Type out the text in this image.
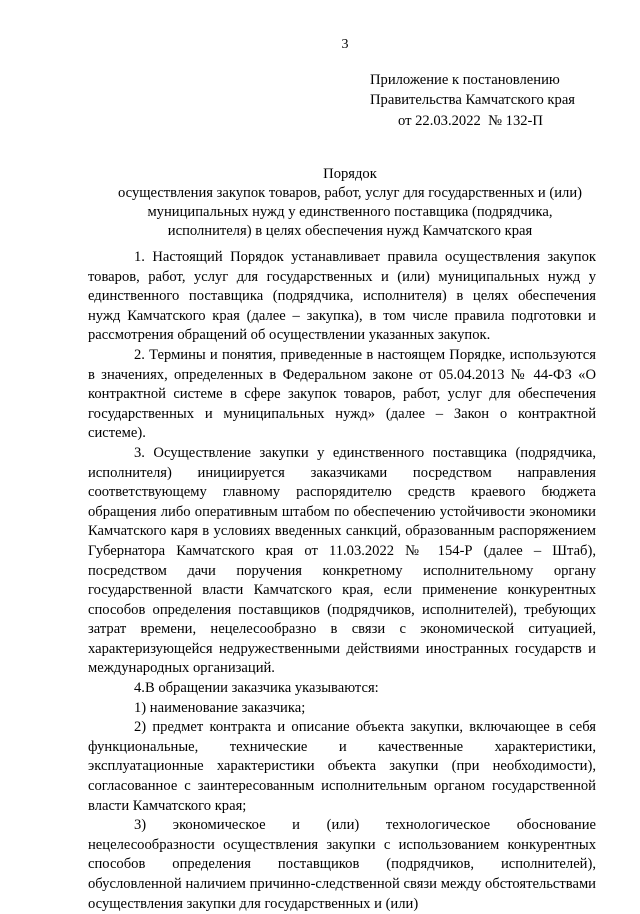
3
Приложение к постановлению
Правительства Камчатского края
от 22.03.2022  № 132-П
Порядок
осуществления закупок товаров, работ, услуг для государственных и (или)
муниципальных нужд у единственного поставщика (подрядчика,
исполнителя) в целях обеспечения нужд Камчатского края

1. Настоящий Порядок устанавливает правила осуществления закупок товаров, работ, услуг для государственных и (или) муниципальных нужд у единственного поставщика (подрядчика, исполнителя) в целях обеспечения нужд Камчатского края (далее – закупка), в том числе правила подготовки и рассмотрения обращений об осуществлении указанных закупок.

2. Термины и понятия, приведенные в настоящем Порядке, используются в значениях, определенных в Федеральном законе от 05.04.2013 № 44-ФЗ «О контрактной системе в сфере закупок товаров, работ, услуг для обеспечения государственных и муниципальных нужд» (далее – Закон о контрактной системе).

3. Осуществление закупки у единственного поставщика (подрядчика, исполнителя) инициируется заказчиками посредством направления соответствующему главному распорядителю средств краевого бюджета обращения либо оперативным штабом по обеспечению устойчивости экономики Камчатского каря в условиях введенных санкций, образованным распоряжением Губернатора Камчатского края от 11.03.2022 № 154-Р (далее – Штаб), посредством дачи поручения конкретному исполнительному органу государственной власти Камчатского края, если применение конкурентных способов определения поставщиков (подрядчиков, исполнителей), требующих затрат времени, нецелесообразно в связи с экономической ситуацией, характеризующейся недружественными действиями иностранных государств и международных организаций.

4.В обращении заказчика указываются:

1) наименование заказчика;

2) предмет контракта и описание объекта закупки, включающее в себя функциональные, технические и качественные характеристики, эксплуатационные характеристики объекта закупки (при необходимости), согласованное с заинтересованным исполнительным органом государственной власти Камчатского края;

3) экономическое и (или) технологическое обоснование нецелесообразности осуществления закупки с использованием конкурентных способов определения поставщиков (подрядчиков, исполнителей), обусловленной наличием причинно-следственной связи между обстоятельствами осуществления закупки для государственных и (или)
